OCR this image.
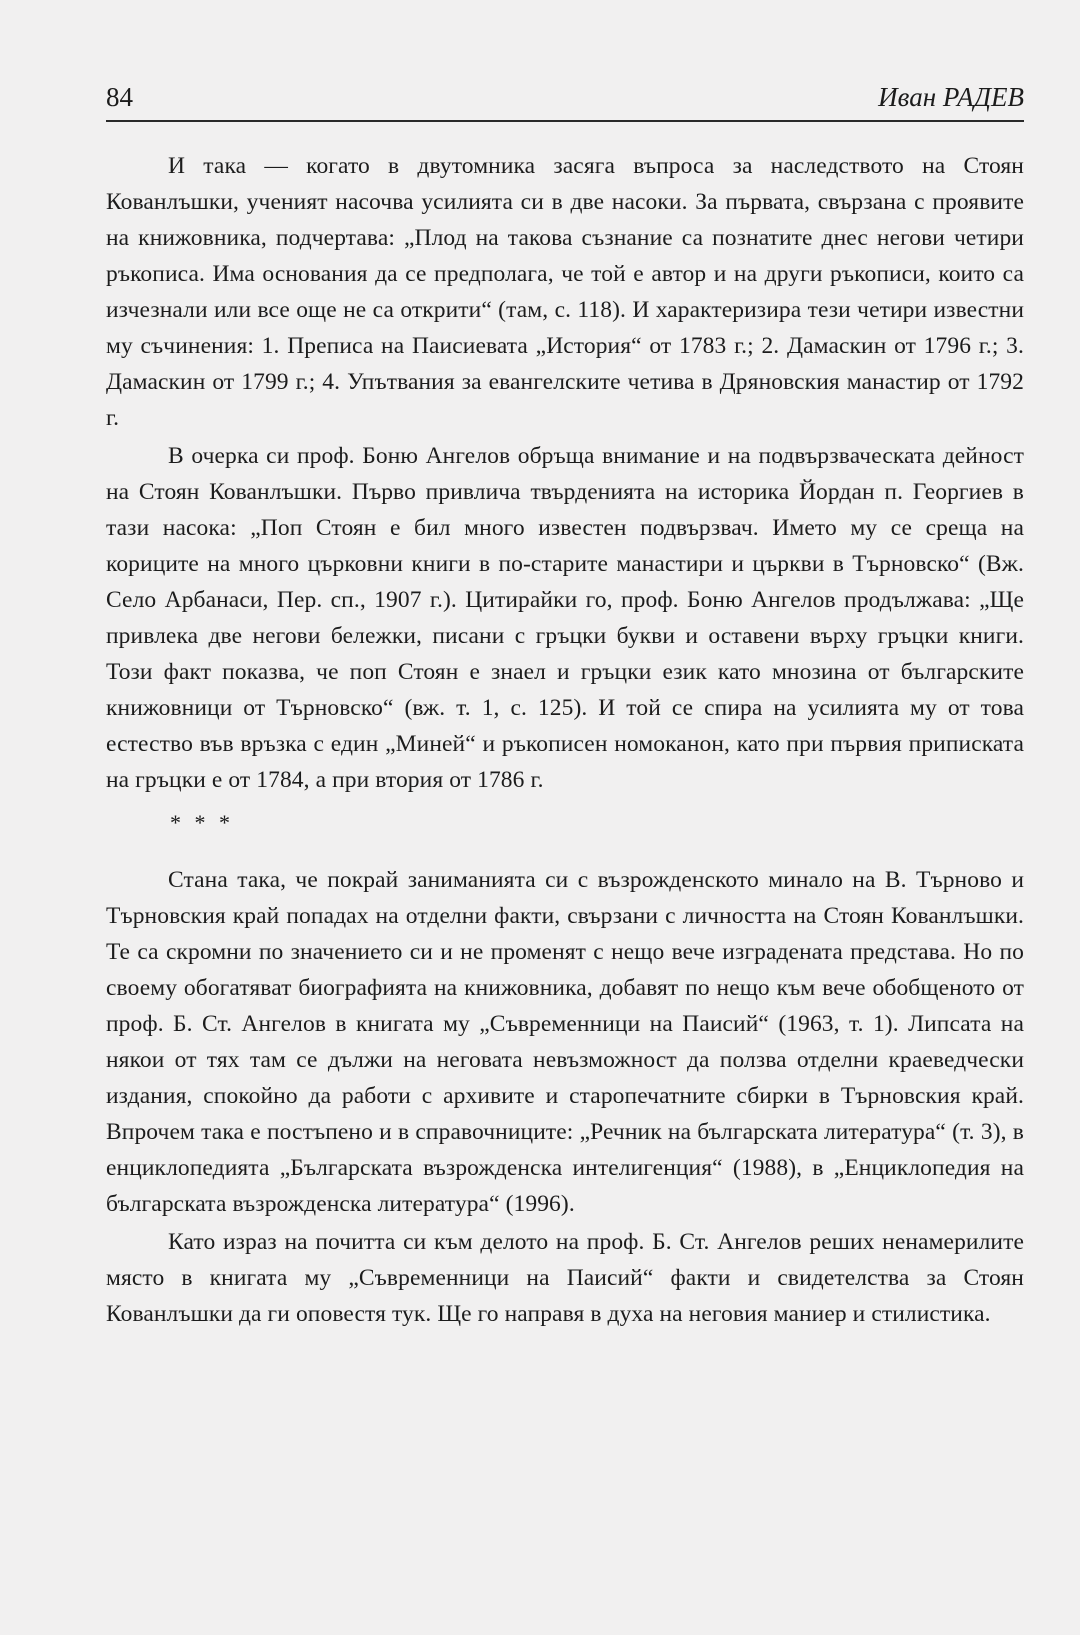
84	Иван РАДЕВ

И така — когато в двутомника засяга въпроса за наследството на Стоян Кованлъшки, ученият насочва усилията си в две насоки. За първата, свързана с проявите на книжовника, подчертава: „Плод на такова съзнание са познатите днес негови четири ръкописа. Има основания да се предполага, че той е автор и на други ръкописи, които са изчезнали или все още не са открити“ (там, с. 118). И характеризира тези четири известни му съчинения: 1. Преписа на Паисиевата „История“ от 1783 г.; 2. Дамаскин от 1796 г.; 3. Дамаскин от 1799 г.; 4. Упътвания за евангелските четива в Дряновския манастир от 1792 г.

В очерка си проф. Боню Ангелов обръща внимание и на подвързваческата дейност на Стоян Кованлъшки. Първо привлича твърденията на историка Йордан п. Георгиев в тази насока: „Поп Стоян е бил много известен подвързвач. Името му се среща на кориците на много църковни книги в по-старите манастири и църкви в Търновско“ (Вж. Село Арбанаси, Пер. сп., 1907 г.). Цитирайки го, проф. Боню Ангелов продължава: „Ще привлека две негови бележки, писани с гръцки букви и оставени върху гръцки книги. Този факт показва, че поп Стоян е знаел и гръцки език като мнозина от българските книжовници от Търновско“ (вж. т. 1, с. 125). И той се спира на усилията му от това естество във връзка с един „Миней“ и ръкописен номоканон, като при първия приписката на гръцки е от 1784, а при втория от 1786 г.

* * *

Стана така, че покрай заниманията си с възрожденското минало на В. Търново и Търновския край попадах на отделни факти, свързани с личността на Стоян Кованлъшки. Те са скромни по значението си и не променят с нещо вече изградената представа. Но по своему обогатяват биографията на книжовника, добавят по нещо към вече обобщеното от проф. Б. Ст. Ангелов в книгата му „Съвременници на Паисий“ (1963, т. 1). Липсата на някои от тях там се дължи на неговата невъзможност да ползва отделни краеведчески издания, спокойно да работи с архивите и старопечатните сбирки в Търновския край. Впрочем така е постъпено и в справочниците: „Речник на българската литература“ (т. 3), в енциклопедията „Българската възрожденска интелигенция“ (1988), в „Енциклопедия на българската възрожденска литература“ (1996).

Като израз на почитта си към делото на проф. Б. Ст. Ангелов реших ненамерилите място в книгата му „Съвременници на Паисий“ факти и свидетелства за Стоян Кованлъшки да ги оповестя тук. Ще го направя в духа на неговия маниер и стилистика.
